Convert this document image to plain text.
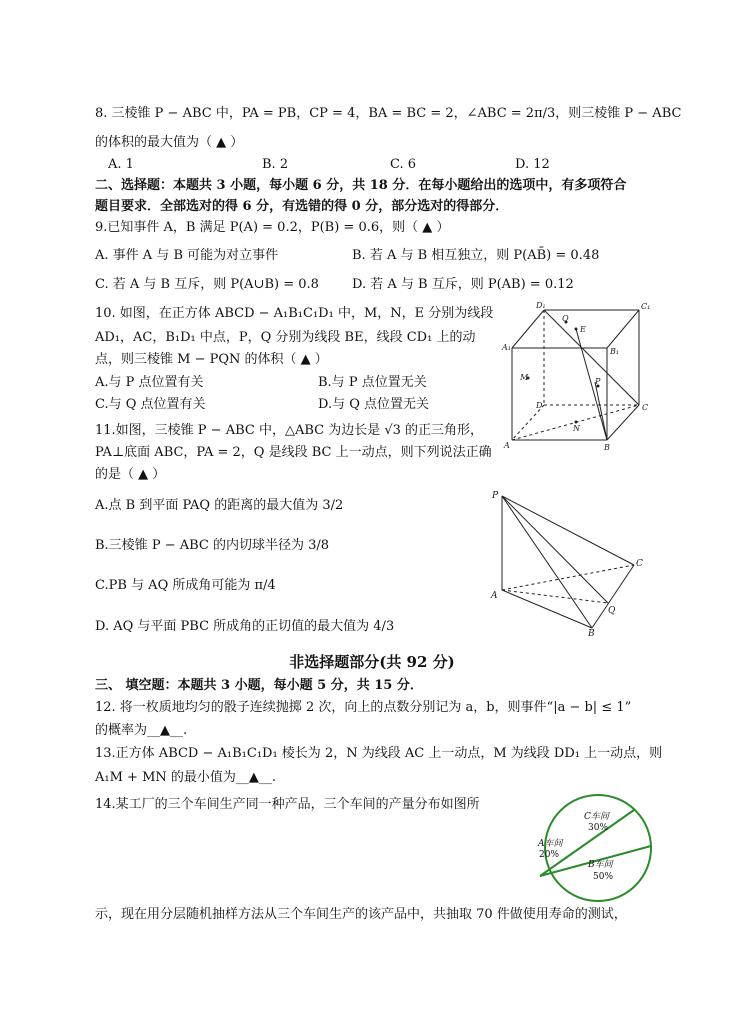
8. 三棱锥 P − ABC 中，PA = PB，CP = 4，BA = BC = 2，∠ABC = 2π/3，则三棱锥 P − ABC
的体积的最大值为（ ▲ ）
A. 1	B. 2	C. 6	D. 12
二、选择题：本题共 3 小题，每小题 6 分，共 18 分．在每小题给出的选项中，有多项符合
题目要求．全部选对的得 6 分，有选错的得 0 分，部分选对的得部分．
9.已知事件 A，B 满足 P(A) = 0.2，P(B) = 0.6，则（ ▲ ）
A. 事件 A 与 B 可能为对立事件	B. 若 A 与 B 相互独立，则 P(AB̄) = 0.48
C. 若 A 与 B 互斥，则 P(A∪B) = 0.8	D. 若 A 与 B 互斥，则 P(AB) = 0.12
10. 如图，在正方体 ABCD − A₁B₁C₁D₁ 中，M，N，E 分别为线段
AD₁，AC，B₁D₁ 中点，P，Q 分别为线段 BE，线段 CD₁ 上的动
点，则三棱锥 M − PQN 的体积（ ▲ ）
A.与 P 点位置有关	B.与 P 点位置无关
C.与 Q 点位置有关	D.与 Q 点位置无关
D₁	C₁
A₁	B₁
Q
E
M	P
D	C
A	B
N
11.如图，三棱锥 P − ABC 中，△ABC 为边长是 √3 的正三角形，
PA⊥底面 ABC，PA = 2，Q 是线段 BC 上一动点，则下列说法正确
的是（ ▲ ）
A.点 B 到平面 PAQ 的距离的最大值为 3/2
B.三棱锥 P − ABC 的内切球半径为 3/8
C.PB 与 AQ 所成角可能为 π/4
D. AQ 与平面 PBC 所成角的正切值的最大值为 4/3
P
C
A
Q
B
非选择题部分(共 92 分)
三、 填空题：本题共 3 小题，每小题 5 分，共 15 分．
12. 将一枚质地均匀的骰子连续抛掷 2 次，向上的点数分别记为 a，b，则事件“|a − b| ≤ 1”
的概率为__▲__.
13.正方体 ABCD − A₁B₁C₁D₁ 棱长为 2，N 为线段 AC 上一动点，M 为线段 DD₁ 上一动点，则
A₁M + MN 的最小值为__▲__.
14.某工厂的三个车间生产同一种产品，三个车间的产量分布如图所
示，现在用分层随机抽样方法从三个车间生产的该产品中，共抽取 70 件做使用寿命的测试，
C车间
30%
A车间
20%
B车间
50%
